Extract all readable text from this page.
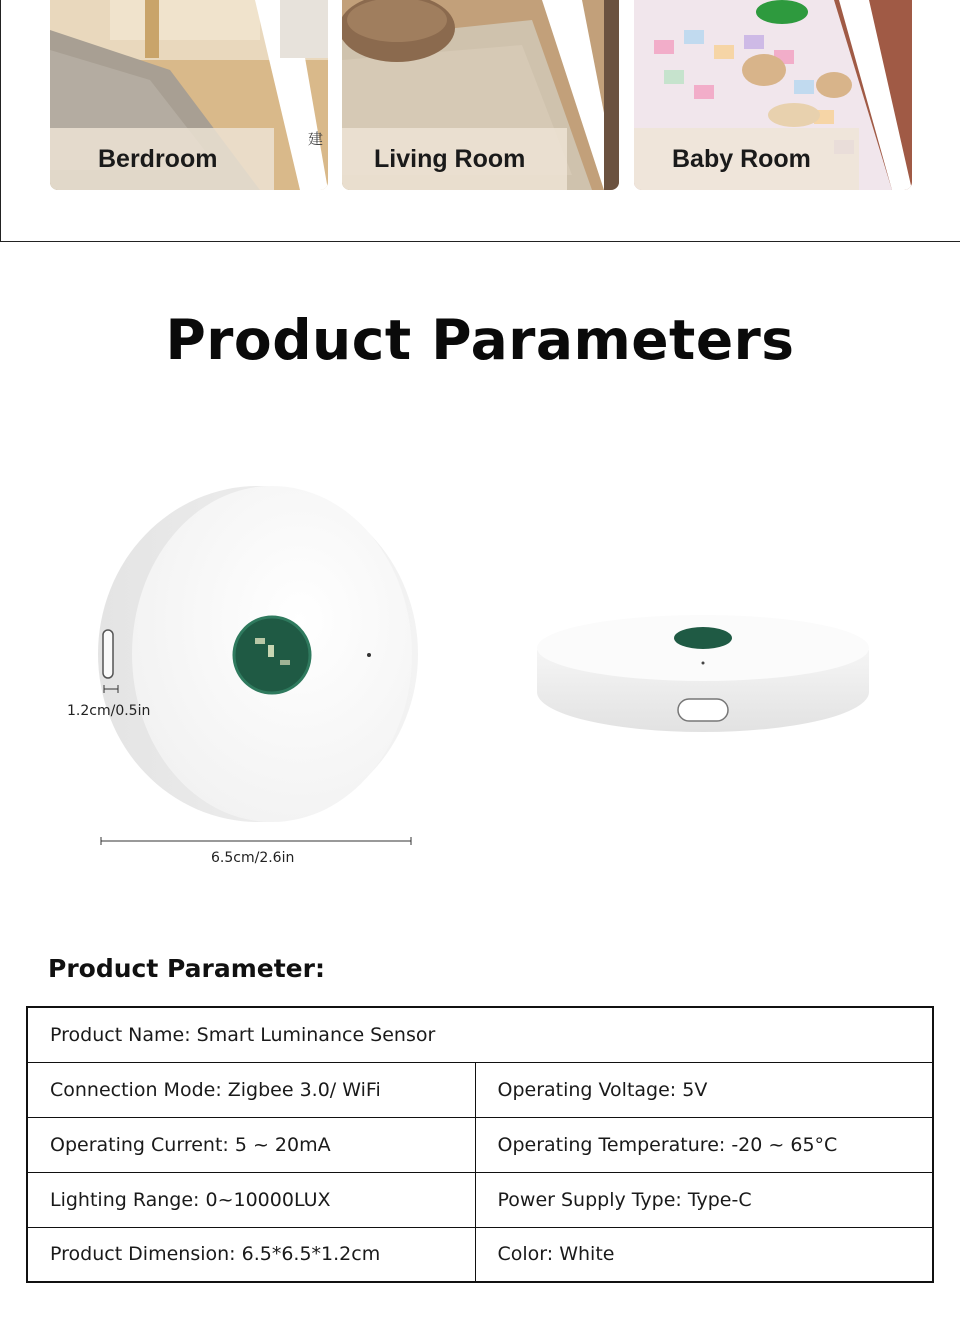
Berdroom
建
Living Room	Baby Room
Product Parameters
1.2cm/0.5in
6.5cm/2.6in
Product Parameter:
Product Name: Smart Luminance Sensor	
Connection Mode: Zigbee 3.0/ WiFi	Operating Voltage: 5V
Operating Current: 5 ~ 20mA	Operating Temperature: -20 ~ 65°C
Lighting Range: 0~10000LUX	Power Supply Type: Type-C
Product Dimension: 6.5*6.5*1.2cm	Color: White
